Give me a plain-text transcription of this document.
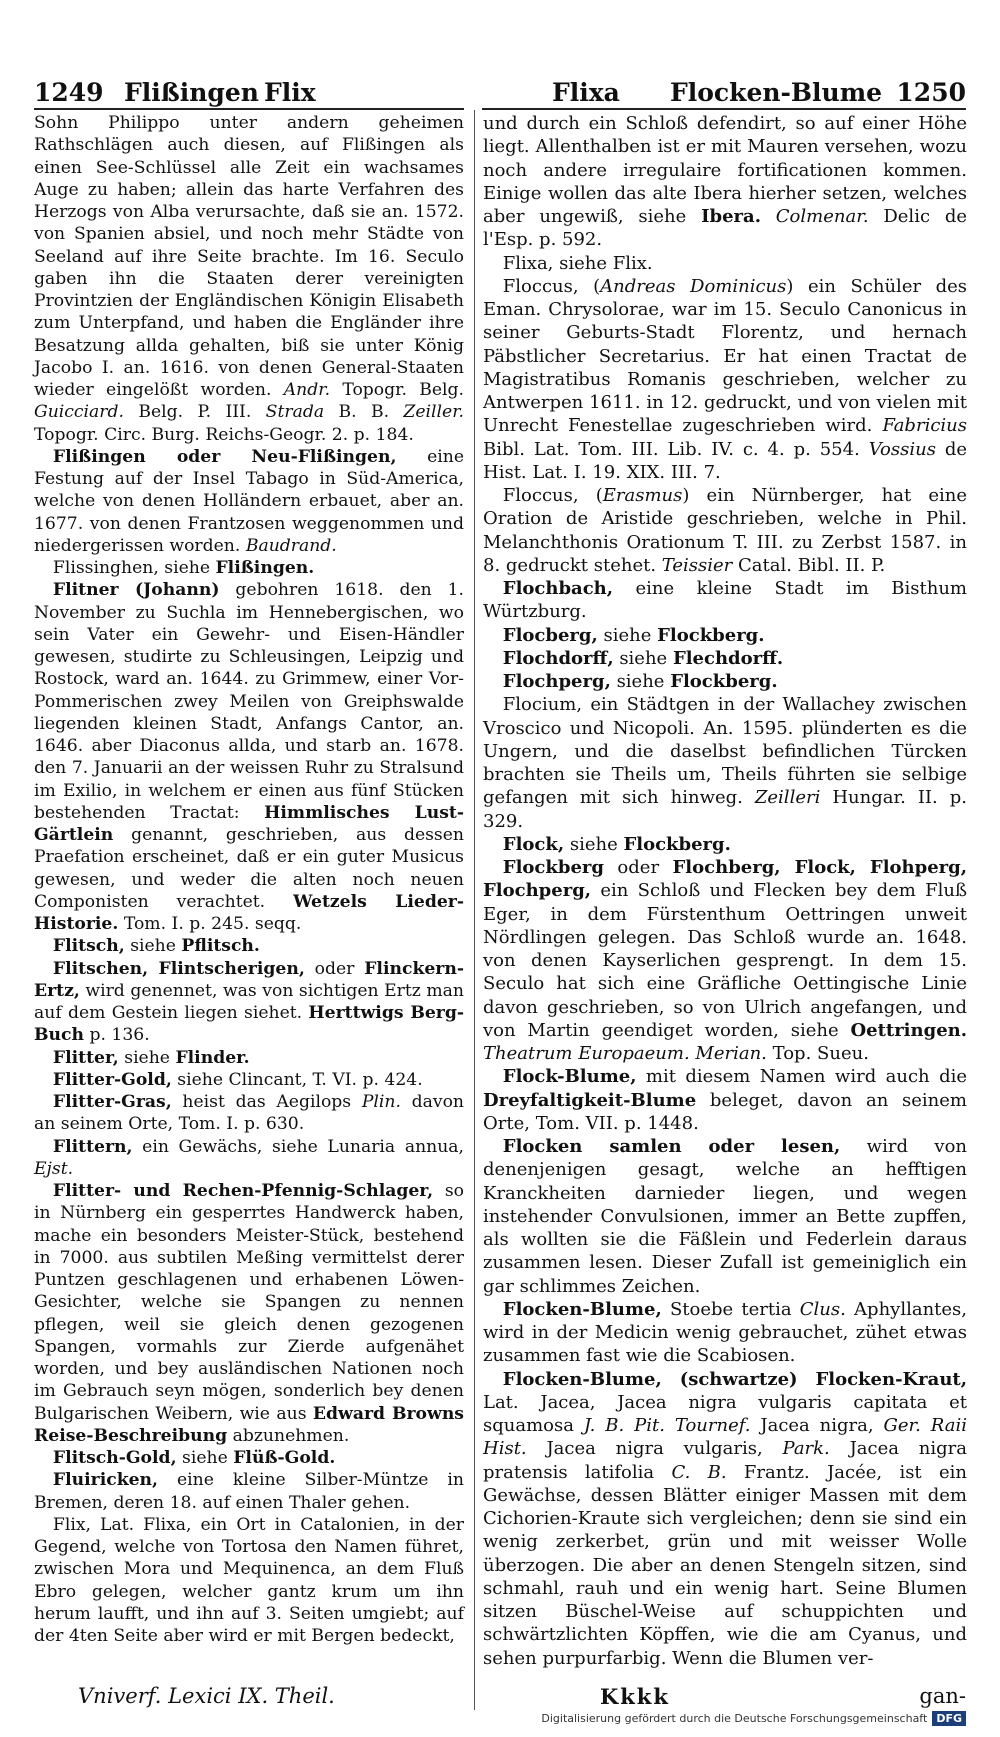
1249 Flißingen Flix	Flixa Flocken-Blume 1250

Sohn Philippo unter andern geheimen Rathschlägen auch diesen, auf Flißingen als einen See-Schlüssel alle Zeit ein wachsames Auge zu haben; allein das harte Verfahren des Herzogs von Alba verursachte, daß sie an. 1572. von Spanien absiel, und noch mehr Städte von Seeland auf ihre Seite brachte. Im 16. Seculo gaben ihn die Staaten derer vereinigten Provintzien der Engländischen Königin Elisabeth zum Unterpfand, und haben die Engländer ihre Besatzung allda gehalten, biß sie unter König Jacobo I. an. 1616. von denen General-Staaten wieder eingelößt worden. Andr. Topogr. Belg. Guicciard. Belg. P. III. Strada B. B. Zeiller. Topogr. Circ. Burg. Reichs-Geogr. 2. p. 184.

Flißingen oder Neu-Flißingen, eine Festung auf der Insel Tabago in Süd-America, welche von denen Holländern erbauet, aber an. 1677. von denen Frantzosen weggenommen und niedergerissen worden. Baudrand.

Flissinghen, siehe Flißingen.

Flitner (Johann) gebohren 1618. den 1. November zu Suchla im Hennebergischen, wo sein Vater ein Gewehr- und Eisen-Händler gewesen, studirte zu Schleusingen, Leipzig und Rostock, ward an. 1644. zu Grimmew, einer Vor-Pommerischen zwey Meilen von Greiphswalde liegenden kleinen Stadt, Anfangs Cantor, an. 1646. aber Diaconus allda, und starb an. 1678. den 7. Januarii an der weissen Ruhr zu Stralsund im Exilio, in welchem er einen aus fünf Stücken bestehenden Tractat: Himmlisches Lust-Gärtlein genannt, geschrieben, aus dessen Praefation erscheinet, daß er ein guter Musicus gewesen, und weder die alten noch neuen Componisten verachtet. Wetzels Lieder-Historie. Tom. I. p. 245. seqq.

Flitsch, siehe Pflitsch.

Flitschen, Flintscherigen, oder Flinckern-Ertz, wird genennet, was von sichtigen Ertz man auf dem Gestein liegen siehet. Herttwigs Berg-Buch p. 136.

Flitter, siehe Flinder.

Flitter-Gold, siehe Clincant, T. VI. p. 424.

Flitter-Gras, heist das Aegilops Plin. davon an seinem Orte, Tom. I. p. 630.

Flittern, ein Gewächs, siehe Lunaria annua, Ejst.

Flitter- und Rechen-Pfennig-Schlager, so in Nürnberg ein gesperrtes Handwerck haben, mache ein besonders Meister-Stück, bestehend in 7000. aus subtilen Meßing vermittelst derer Puntzen geschlagenen und erhabenen Löwen-Gesichter, welche sie Spangen zu nennen pflegen, weil sie gleich denen gezogenen Spangen, vormahls zur Zierde aufgenähet worden, und bey ausländischen Nationen noch im Gebrauch seyn mögen, sonderlich bey denen Bulgarischen Weibern, wie aus Edward Browns Reise-Beschreibung abzunehmen.

Flitsch-Gold, siehe Flüß-Gold.

Fluiricken, eine kleine Silber-Müntze in Bremen, deren 18. auf einen Thaler gehen.

Flix, Lat. Flixa, ein Ort in Catalonien, in der Gegend, welche von Tortosa den Namen führet, zwischen Mora und Mequinenca, an dem Fluß Ebro gelegen, welcher gantz krum um ihn herum laufft, und ihn auf 3. Seiten umgiebt; auf der 4ten Seite aber wird er mit Bergen bedeckt,

und durch ein Schloß defendirt, so auf einer Höhe liegt. Allenthalben ist er mit Mauren versehen, wozu noch andere irregulaire fortificationen kommen. Einige wollen das alte Ibera hierher setzen, welches aber ungewiß, siehe Ibera. Colmenar. Delic de l'Esp. p. 592.

Flixa, siehe Flix.

Floccus, (Andreas Dominicus) ein Schüler des Eman. Chrysolorae, war im 15. Seculo Canonicus in seiner Geburts-Stadt Florentz, und hernach Päbstlicher Secretarius. Er hat einen Tractat de Magistratibus Romanis geschrieben, welcher zu Antwerpen 1611. in 12. gedruckt, und von vielen mit Unrecht Fenestellae zugeschrieben wird. Fabricius Bibl. Lat. Tom. III. Lib. IV. c. 4. p. 554. Vossius de Hist. Lat. I. 19. XIX. III. 7.

Floccus, (Erasmus) ein Nürnberger, hat eine Oration de Aristide geschrieben, welche in Phil. Melanchthonis Orationum T. III. zu Zerbst 1587. in 8. gedruckt stehet. Teissier Catal. Bibl. II. P.

Flochbach, eine kleine Stadt im Bisthum Würtzburg.

Flocberg, siehe Flockberg.

Flochdorff, siehe Flechdorff.

Flochperg, siehe Flockberg.

Flocium, ein Städtgen in der Wallachey zwischen Vroscico und Nicopoli. An. 1595. plünderten es die Ungern, und die daselbst befindlichen Türcken brachten sie Theils um, Theils führten sie selbige gefangen mit sich hinweg. Zeilleri Hungar. II. p. 329.

Flock, siehe Flockberg.

Flockberg oder Flochberg, Flock, Flohperg, Flochperg, ein Schloß und Flecken bey dem Fluß Eger, in dem Fürstenthum Oettringen unweit Nördlingen gelegen. Das Schloß wurde an. 1648. von denen Kayserlichen gesprengt. In dem 15. Seculo hat sich eine Gräfliche Oettingische Linie davon geschrieben, so von Ulrich angefangen, und von Martin geendiget worden, siehe Oettringen. Theatrum Europaeum. Merian. Top. Sueu.

Flock-Blume, mit diesem Namen wird auch die Dreyfaltigkeit-Blume beleget, davon an seinem Orte, Tom. VII. p. 1448.

Flocken samlen oder lesen, wird von denenjenigen gesagt, welche an hefftigen Kranckheiten darnieder liegen, und wegen instehender Convulsionen, immer an Bette zupffen, als wollten sie die Fäßlein und Federlein daraus zusammen lesen. Dieser Zufall ist gemeiniglich ein gar schlimmes Zeichen.

Flocken-Blume, Stoebe tertia Clus. Aphyllantes, wird in der Medicin wenig gebrauchet, zühet etwas zusammen fast wie die Scabiosen.

Flocken-Blume, (schwartze) Flocken-Kraut, Lat. Jacea, Jacea nigra vulgaris capitata et squamosa J. B. Pit. Tournef. Jacea nigra, Ger. Raii Hist. Jacea nigra vulgaris, Park. Jacea nigra pratensis latifolia C. B. Frantz. Jacée, ist ein Gewächse, dessen Blätter einiger Massen mit dem Cichorien-Kraute sich vergleichen; denn sie sind ein wenig zerkerbet, grün und mit weisser Wolle überzogen. Die aber an denen Stengeln sitzen, sind schmahl, rauh und ein wenig hart. Seine Blumen sitzen Büschel-Weise auf schuppichten und schwärtzlichten Köpffen, wie die am Cyanus, und sehen purpurfarbig. Wenn die Blumen ver-

Vniverf. Lexici IX. Theil.	Kkkk	gan-
Digitalisierung gefördert durch die Deutsche Forschungsgemeinschaft DFG
